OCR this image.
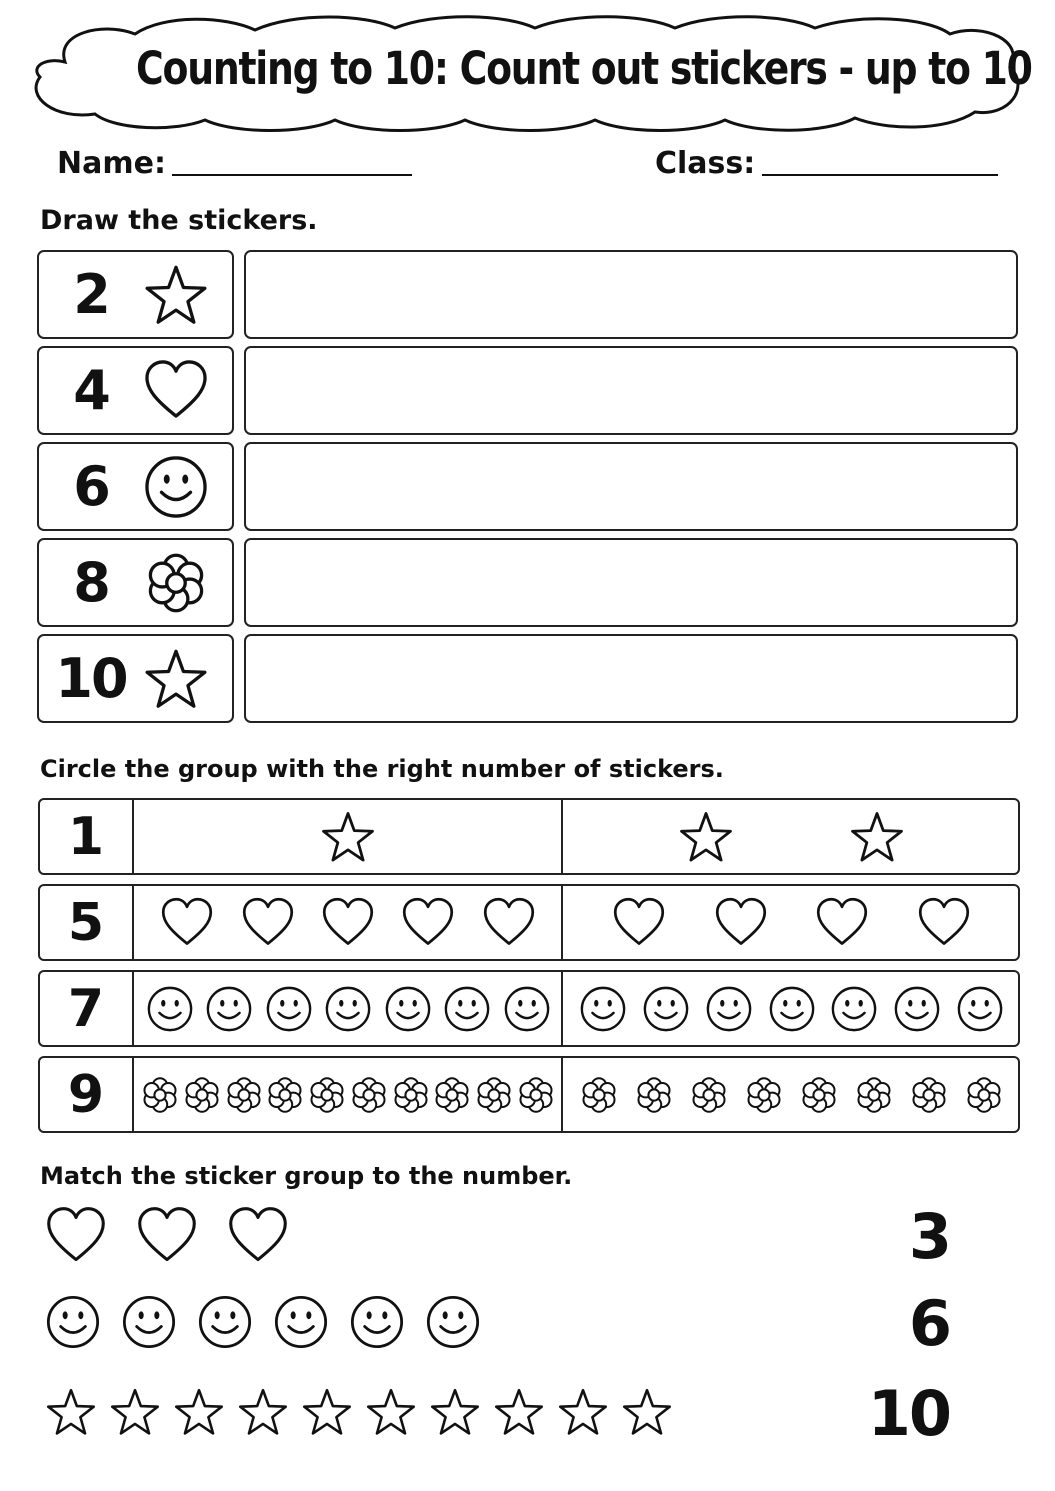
Counting to 10: Count out stickers - up to 10
Name:	Class:
Draw the stickers.
2
4
6
8
10
Circle the group with the right number of stickers.
1
5
7
9
Match the sticker group to the number.
3
6
10
